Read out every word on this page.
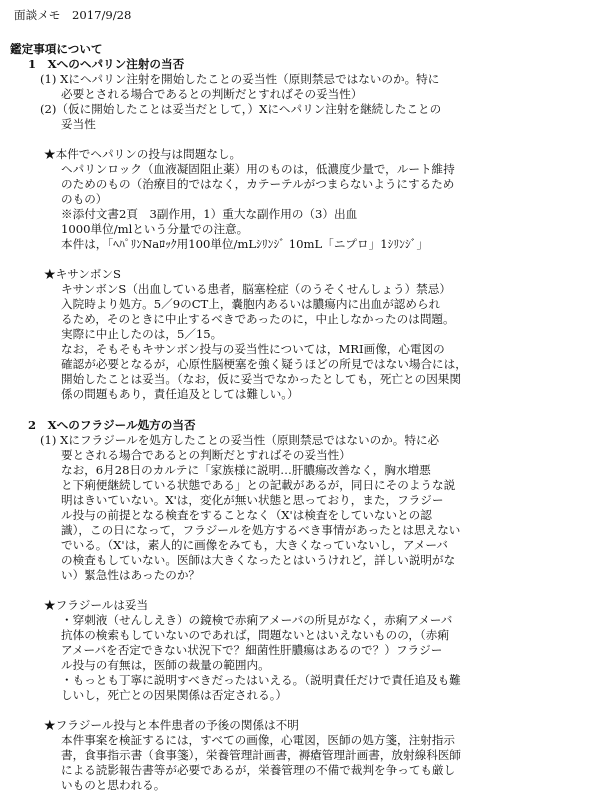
面談メモ　2017/9/28
鑑定事項について
1　Xへのヘパリン注射の当否
(1) Xにヘパリン注射を開始したことの妥当性（原則禁忌ではないのか。特に
必要とされる場合であるとの判断だとすればその妥当性）
(2)（仮に開始したことは妥当だとして，）Xにヘパリン注射を継続したことの
妥当性
★本件でヘパリンの投与は問題なし。
ヘパリンロック（血液凝固阻止薬）用のものは，低濃度少量で，ルート維持
のためのもの（治療目的ではなく，カテーテルがつまらないようにするため
のもの）
※添付文書2頁　3副作用，1）重大な副作用の（3）出血
1000単位/mlという分量での注意。
本件は，「ﾍﾊﾟﾘﾝNaﾛｯｸ用100単位/mLｼﾘﾝｼﾞ 10mL「ニプロ」1ｼﾘﾝｼﾞ」
★キサンボンS
キサンボンS（出血している患者，脳塞栓症（のうそくせんしょう）禁忌）
入院時より処方。5／9のCT上，嚢胞内あるいは膿瘍内に出血が認められ
るため，そのときに中止するべきであったのに，中止しなかったのは問題。
実際に中止したのは，5／15。
なお，そもそもキサンボン投与の妥当性については，MRI画像，心電図の
確認が必要となるが，心原性脳梗塞を強く疑うほどの所見ではない場合には，
開始したことは妥当。（なお，仮に妥当でなかったとしても，死亡との因果関
係の問題もあり，責任追及としては難しい。）
2　Xへのフラジール処方の当否
(1) Xにフラジールを処方したことの妥当性（原則禁忌ではないのか。特に必
要とされる場合であるとの判断だとすればその妥当性）
なお，6月28日のカルテに「家族様に説明…肝膿瘍改善なく，胸水増悪
と下痢便継続している状態である」との記載があるが，同日にそのような説
明はきいていない。X'は，変化が無い状態と思っており，また，フラジー
ル投与の前提となる検査をすることなく（X'は検査をしていないとの認
識），この日になって，フラジールを処方するべき事情があったとは思えない
でいる。（X'は，素人的に画像をみても，大きくなっていないし，アメーバ
の検査もしていない。医師は大きくなったとはいうけれど，詳しい説明がな
い）緊急性はあったのか？
★フラジールは妥当
・穿刺液（せんしえき）の鏡検で赤痢アメーバの所見がなく，赤痢アメーバ
抗体の検索もしていないのであれば，問題ないとはいえないものの，（赤痢
アメーバを否定できない状況下で？細菌性肝膿瘍はあるので？）フラジー
ル投与の有無は，医師の裁量の範囲内。
・もっとも丁寧に説明すべきだったはいえる。（説明責任だけで責任追及も難
しいし，死亡との因果関係は否定される。）
★フラジール投与と本件患者の予後の関係は不明
本件事案を検証するには，すべての画像，心電図，医師の処方箋，注射指示
書，食事指示書（食事箋），栄養管理計画書，褥瘡管理計画書，放射線科医師
による読影報告書等が必要であるが，栄養管理の不備で裁判を争っても厳し
いものと思われる。
